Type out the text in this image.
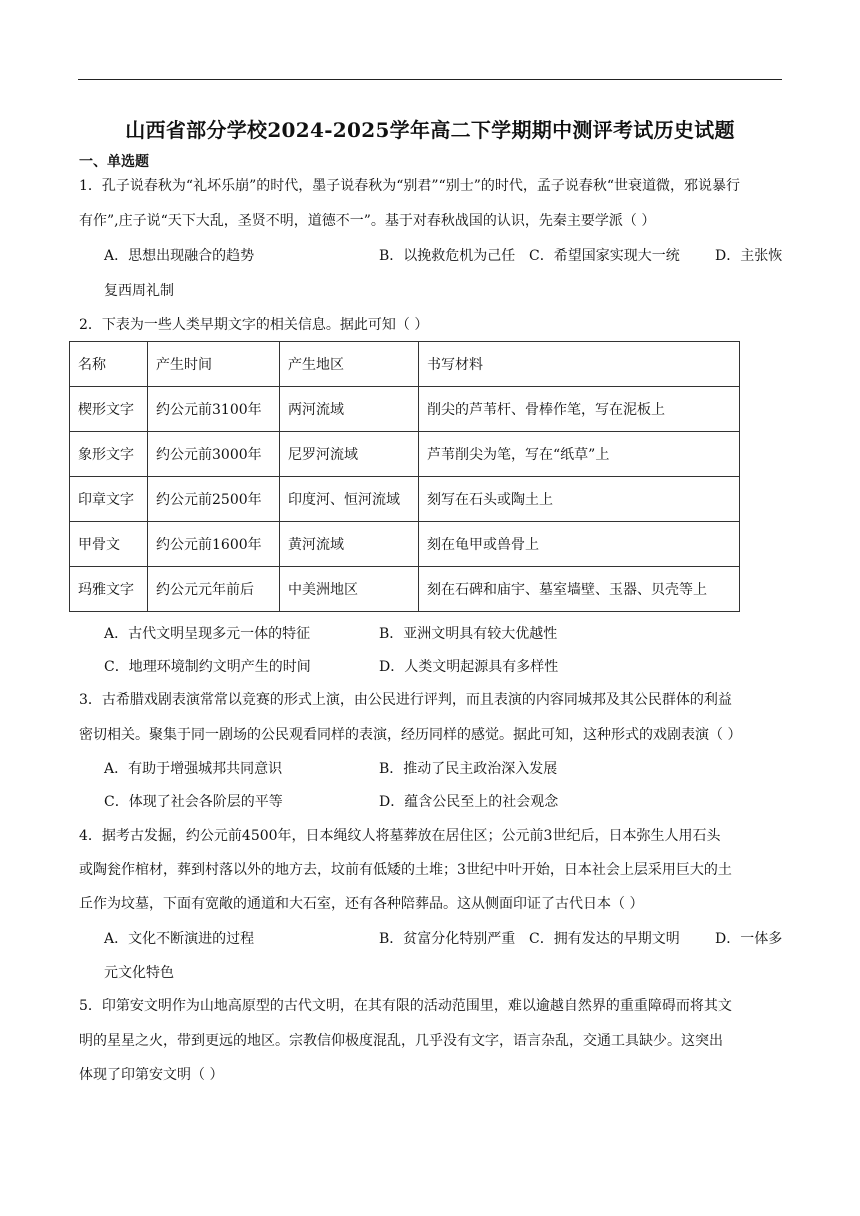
山西省部分学校2024-2025学年高二下学期期中测评考试历史试题
一、单选题
1．孔子说春秋为“礼坏乐崩”的时代，墨子说春秋为“别君”“别士”的时代，孟子说春秋“世衰道微，邪说暴行
有作”,庄子说“天下大乱，圣贤不明，道德不一”。基于对春秋战国的认识，先秦主要学派（ ）
A．思想出现融合的趋势	B．以挽救危机为己任 C．希望国家实现大一统	D．主张恢
复西周礼制
2．下表为一些人类早期文字的相关信息。据此可知（ ）
名称	产生时间	产生地区	书写材料
楔形文字	约公元前3100年	两河流域	削尖的芦苇杆、骨棒作笔，写在泥板上
象形文字	约公元前3000年	尼罗河流域	芦苇削尖为笔，写在“纸草”上
印章文字	约公元前2500年	印度河、恒河流域	刻写在石头或陶土上
甲骨文	约公元前1600年	黄河流域	刻在龟甲或兽骨上
玛雅文字	约公元元年前后	中美洲地区	刻在石碑和庙宇、墓室墙壁、玉器、贝壳等上
A．古代文明呈现多元一体的特征	B．亚洲文明具有较大优越性
C．地理环境制约文明产生的时间	D．人类文明起源具有多样性
3．古希腊戏剧表演常常以竞赛的形式上演，由公民进行评判，而且表演的内容同城邦及其公民群体的利益
密切相关。聚集于同一剧场的公民观看同样的表演，经历同样的感觉。据此可知，这种形式的戏剧表演（ ）
A．有助于增强城邦共同意识	B．推动了民主政治深入发展
C．体现了社会各阶层的平等	D．蕴含公民至上的社会观念
4．据考古发掘，约公元前4500年，日本绳纹人将墓葬放在居住区；公元前3世纪后，日本弥生人用石头
或陶瓮作棺材，葬到村落以外的地方去，坟前有低矮的土堆；3世纪中叶开始，日本社会上层采用巨大的土
丘作为坟墓，下面有宽敞的通道和大石室，还有各种陪葬品。这从侧面印证了古代日本（ ）
A．文化不断演进的过程	B．贫富分化特别严重 C．拥有发达的早期文明	D．一体多
元文化特色
5．印第安文明作为山地高原型的古代文明，在其有限的活动范围里，难以逾越自然界的重重障碍而将其文
明的星星之火，带到更远的地区。宗教信仰极度混乱，几乎没有文字，语言杂乱，交通工具缺少。这突出
体现了印第安文明（ ）
